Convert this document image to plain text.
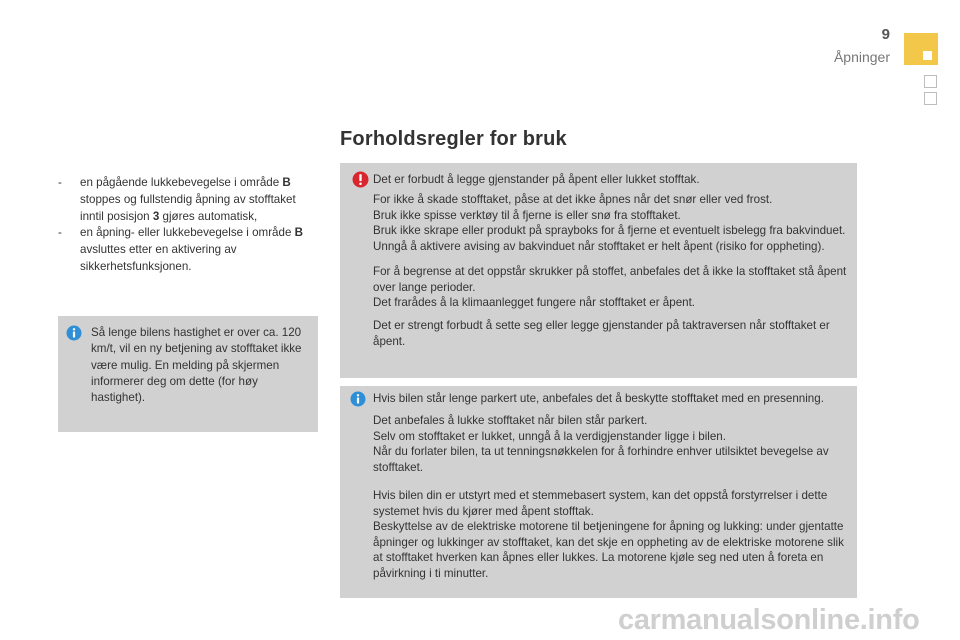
9
Åpninger
Forholdsregler for bruk
-	en pågående lukkebevegelse i område B stoppes og fullstendig åpning av stofftaket inntil posisjon 3 gjøres automatisk,
-	en åpning- eller lukkebevegelse i område B avsluttes etter en aktivering av sikkerhetsfunksjonen.

Så lenge bilens hastighet er over ca. 120 km/t, vil en ny betjening av stofftaket ikke være mulig. En melding på skjermen informerer deg om dette (for høy hastighet).

Det er forbudt å legge gjenstander på åpent eller lukket stofftak.

For ikke å skade stofftaket, påse at det ikke åpnes når det snør eller ved frost.
Bruk ikke spisse verktøy til å fjerne is eller snø fra stofftaket.
Bruk ikke skrape eller produkt på sprayboks for å fjerne et eventuelt isbelegg fra bakvinduet.
Unngå å aktivere avising av bakvinduet når stofftaket er helt åpent (risiko for oppheting).

For å begrense at det oppstår skrukker på stoffet, anbefales det å ikke la stofftaket stå åpent over lange perioder.
Det frarådes å la klimaanlegget fungere når stofftaket er åpent.

Det er strengt forbudt å sette seg eller legge gjenstander på taktraversen når stofftaket er åpent.

Hvis bilen står lenge parkert ute, anbefales det å beskytte stofftaket med en presenning.

Det anbefales å lukke stofftaket når bilen står parkert.
Selv om stofftaket er lukket, unngå å la verdigjenstander ligge i bilen.
Når du forlater bilen, ta ut tenningsnøkkelen for å forhindre enhver utilsiktet bevegelse av stofftaket.

Hvis bilen din er utstyrt med et stemmebasert system, kan det oppstå forstyrrelser i dette systemet hvis du kjører med åpent stofftak.
Beskyttelse av de elektriske motorene til betjeningene for åpning og lukking: under gjentatte åpninger og lukkinger av stofftaket, kan det skje en oppheting av de elektriske motorene slik at stofftaket hverken kan åpnes eller lukkes. La motorene kjøle seg ned uten å foreta en påvirkning i ti minutter.

carmanualsonline.info
